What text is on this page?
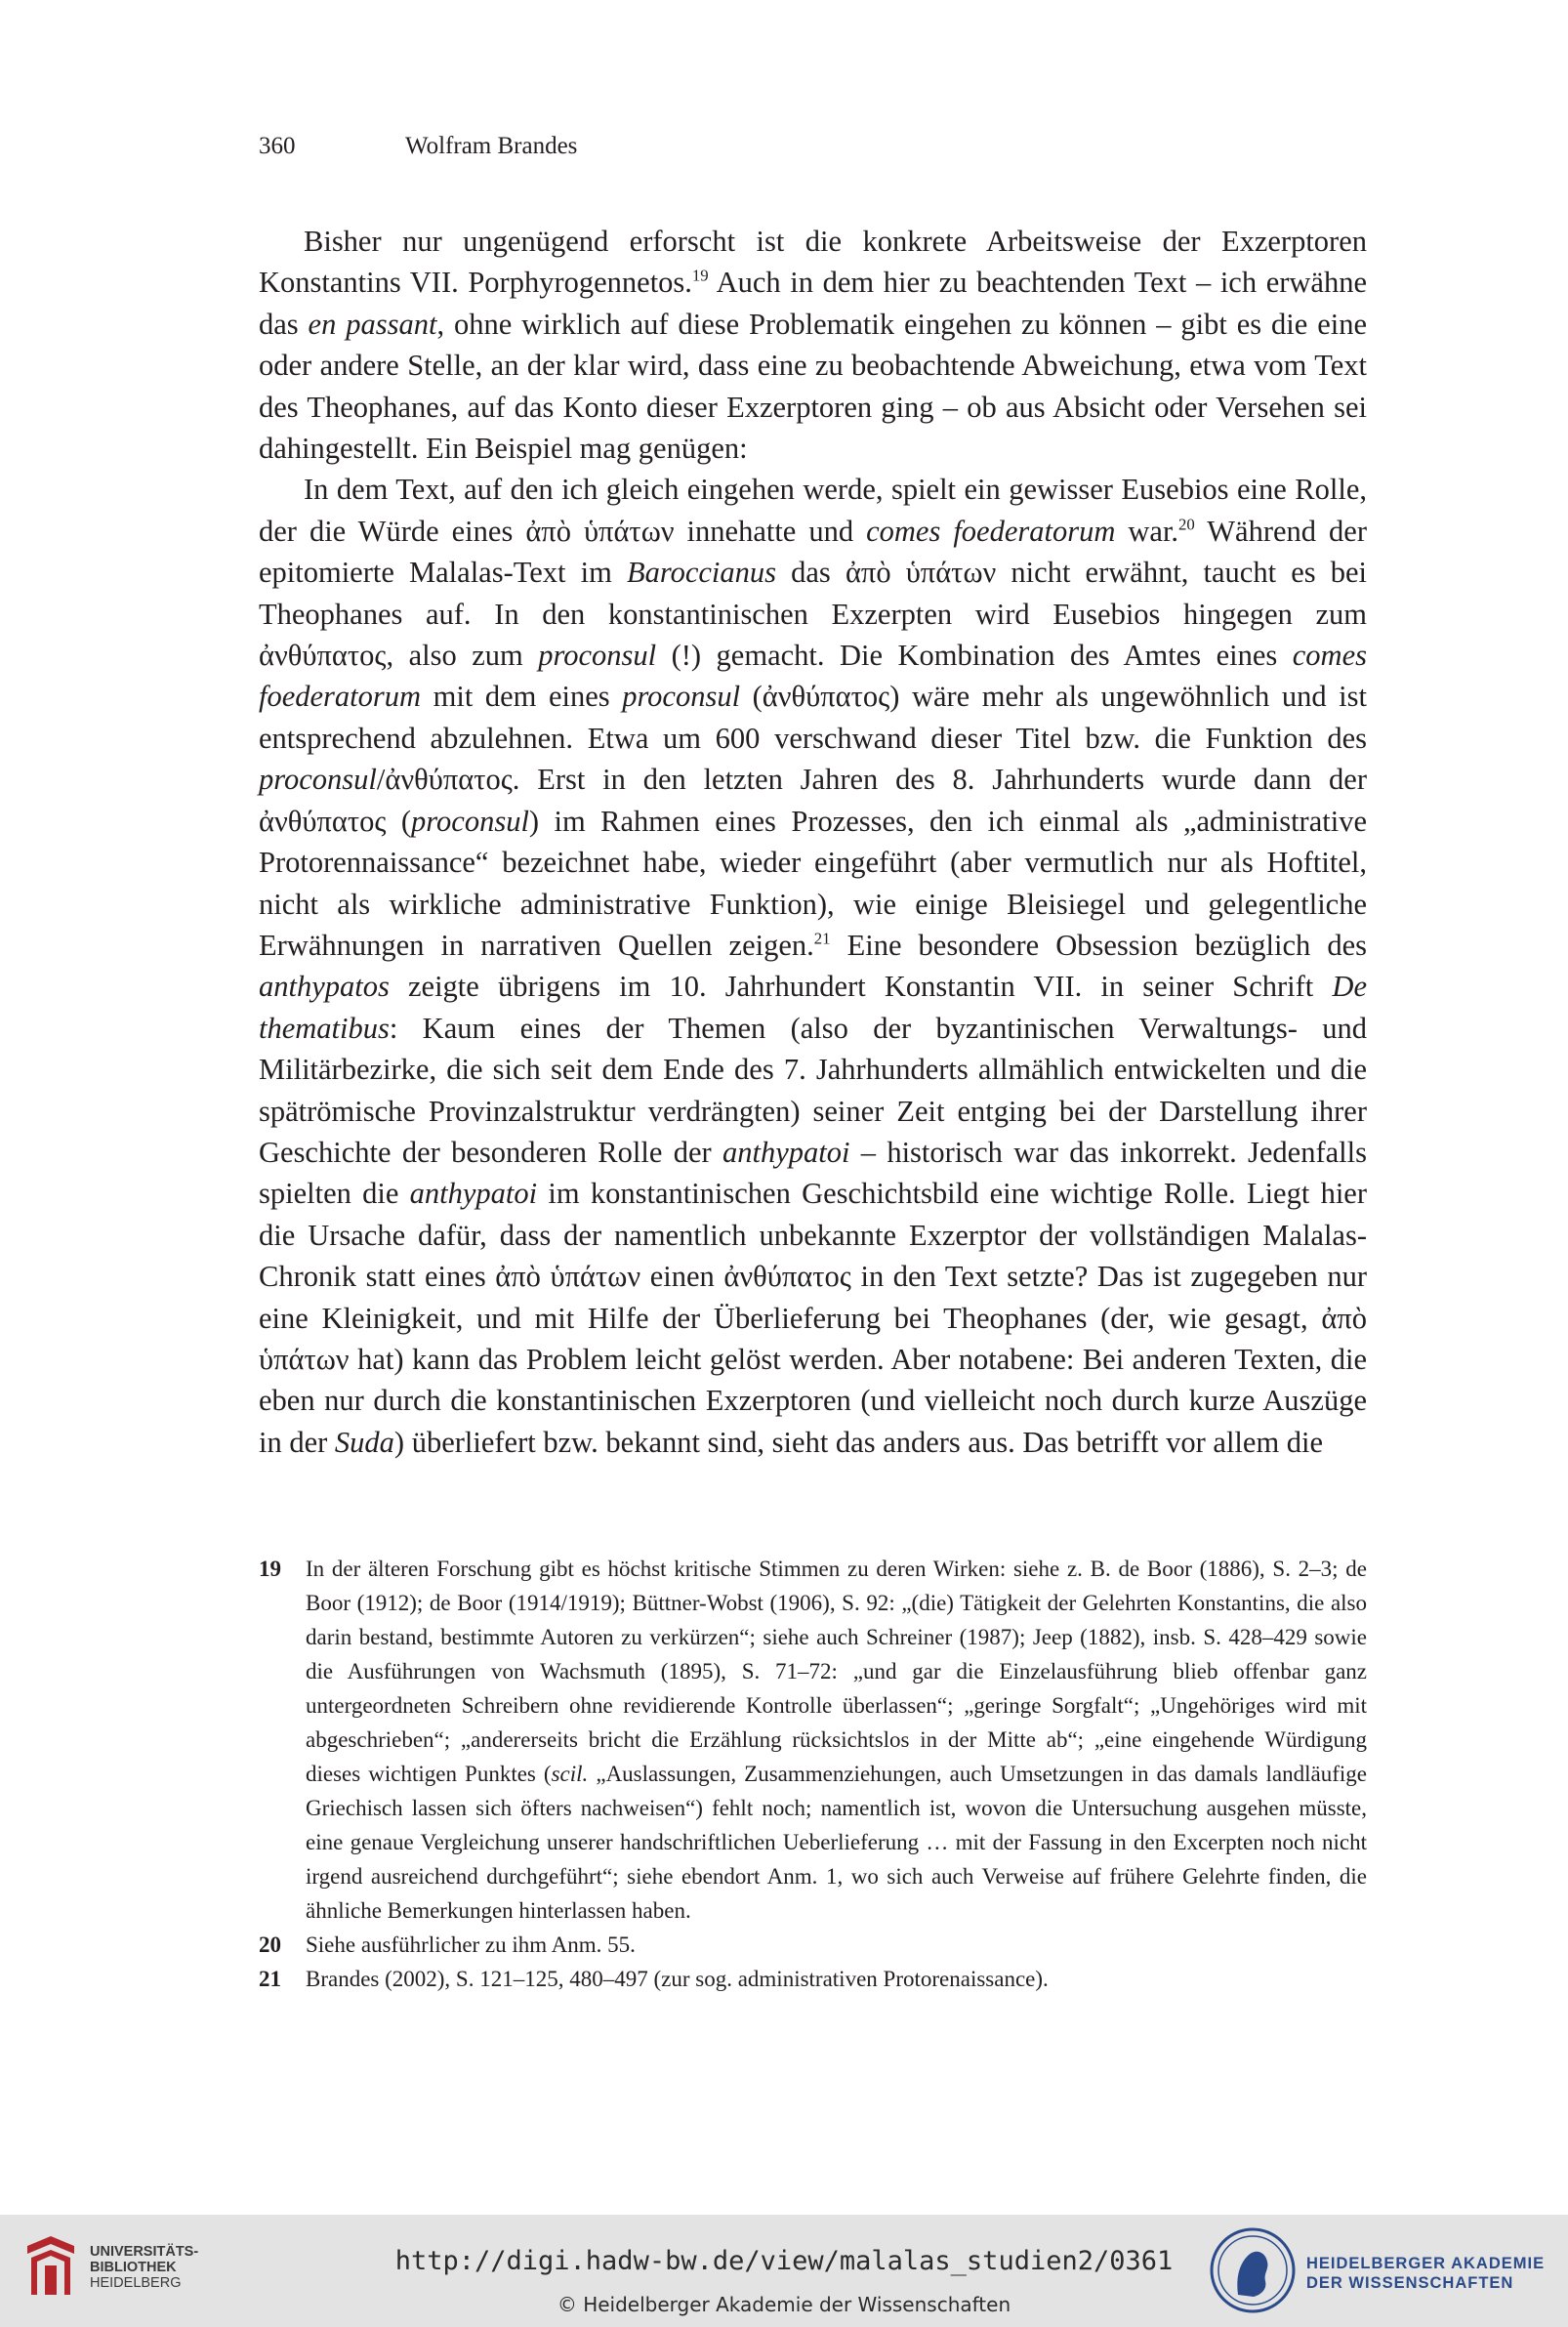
360	Wolfram Brandes

Bisher nur ungenügend erforscht ist die konkrete Arbeitsweise der Exzerptoren Konstantins VII. Porphyrogennetos.$^{19}$ Auch in dem hier zu beachtenden Text – ich erwähne das en passant, ohne wirklich auf diese Problematik eingehen zu können – gibt es die eine oder andere Stelle, an der klar wird, dass eine zu beobachtende Abweichung, etwa vom Text des Theophanes, auf das Konto dieser Exzerptoren ging – ob aus Absicht oder Versehen sei dahingestellt. Ein Beispiel mag genügen:

In dem Text, auf den ich gleich eingehen werde, spielt ein gewisser Eusebios eine Rolle, der die Würde eines ἀπὸ ὑπάτων innehatte und comes foederatorum war.$^{20}$ Während der epitomierte Malalas-Text im Baroccianus das ἀπὸ ὑπάτων nicht erwähnt, taucht es bei Theophanes auf. In den konstantinischen Exzerpten wird Eusebios hingegen zum ἀνθύπατος, also zum proconsul (!) gemacht. Die Kombination des Amtes eines comes foederatorum mit dem eines proconsul (ἀνθύπατος) wäre mehr als ungewöhnlich und ist entsprechend abzulehnen. Etwa um 600 verschwand dieser Titel bzw. die Funktion des proconsul/ἀνθύπατος. Erst in den letzten Jahren des 8. Jahrhunderts wurde dann der ἀνθύπατος (proconsul) im Rahmen eines Prozesses, den ich einmal als „administrative Protorennaissance“ bezeichnet habe, wieder eingeführt (aber vermutlich nur als Hoftitel, nicht als wirkliche administrative Funktion), wie einige Bleisiegel und gelegentliche Erwähnungen in narrativen Quellen zeigen.$^{21}$ Eine besondere Obsession bezüglich des anthypatos zeigte übrigens im 10. Jahrhundert Konstantin VII. in seiner Schrift De thematibus: Kaum eines der Themen (also der byzantinischen Verwaltungs- und Militärbezirke, die sich seit dem Ende des 7. Jahrhunderts allmählich entwickelten und die spätrömische Provinzalstruktur verdrängten) seiner Zeit entging bei der Darstellung ihrer Geschichte der besonderen Rolle der anthypatoi – historisch war das inkorrekt. Jedenfalls spielten die anthypatoi im konstantinischen Geschichtsbild eine wichtige Rolle. Liegt hier die Ursache dafür, dass der namentlich unbekannte Exzerptor der vollständigen Malalas-Chronik statt eines ἀπὸ ὑπάτων einen ἀνθύπατος in den Text setzte? Das ist zugegeben nur eine Kleinigkeit, und mit Hilfe der Überlieferung bei Theophanes (der, wie gesagt, ἀπὸ ὑπάτων hat) kann das Problem leicht gelöst werden. Aber notabene: Bei anderen Texten, die eben nur durch die konstantinischen Exzerptoren (und vielleicht noch durch kurze Auszüge in der Suda) überliefert bzw. bekannt sind, sieht das anders aus. Das betrifft vor allem die

19 In der älteren Forschung gibt es höchst kritische Stimmen zu deren Wirken: siehe z. B. de Boor (1886), S. 2–3; de Boor (1912); de Boor (1914/1919); Büttner-Wobst (1906), S. 92: „(die) Tätigkeit der Gelehrten Konstantins, die also darin bestand, bestimmte Autoren zu verkürzen“; siehe auch Schreiner (1987); Jeep (1882), insb. S. 428–429 sowie die Ausführungen von Wachsmuth (1895), S. 71–72: „und gar die Einzelausführung blieb offenbar ganz untergeordneten Schreibern ohne revidierende Kontrolle überlassen“; „geringe Sorgfalt“; „Ungehöriges wird mit abgeschrieben“; „andererseits bricht die Erzählung rücksichtslos in der Mitte ab“; „eine eingehende Würdigung dieses wichtigen Punktes (scil. „Auslassungen, Zusammenziehungen, auch Umsetzungen in das damals landläufige Griechisch lassen sich öfters nachweisen“) fehlt noch; namentlich ist, wovon die Untersuchung ausgehen müsste, eine genaue Vergleichung unserer handschriftlichen Ueberlieferung … mit der Fassung in den Excerpten noch nicht irgend ausreichend durchgeführt“; siehe ebendort Anm. 1, wo sich auch Verweise auf frühere Gelehrte finden, die ähnliche Bemerkungen hinterlassen haben.
20 Siehe ausführlicher zu ihm Anm. 55.
21 Brandes (2002), S. 121–125, 480–497 (zur sog. administrativen Protorenaissance).
UNIVERSITÄTS-
BIBLIOTHEK
HEIDELBERG
http://digi.hadw-bw.de/view/malalas_studien2/0361
© Heidelberger Akademie der Wissenschaften
HEIDELBERGER AKADEMIE
DER WISSENSCHAFTEN
